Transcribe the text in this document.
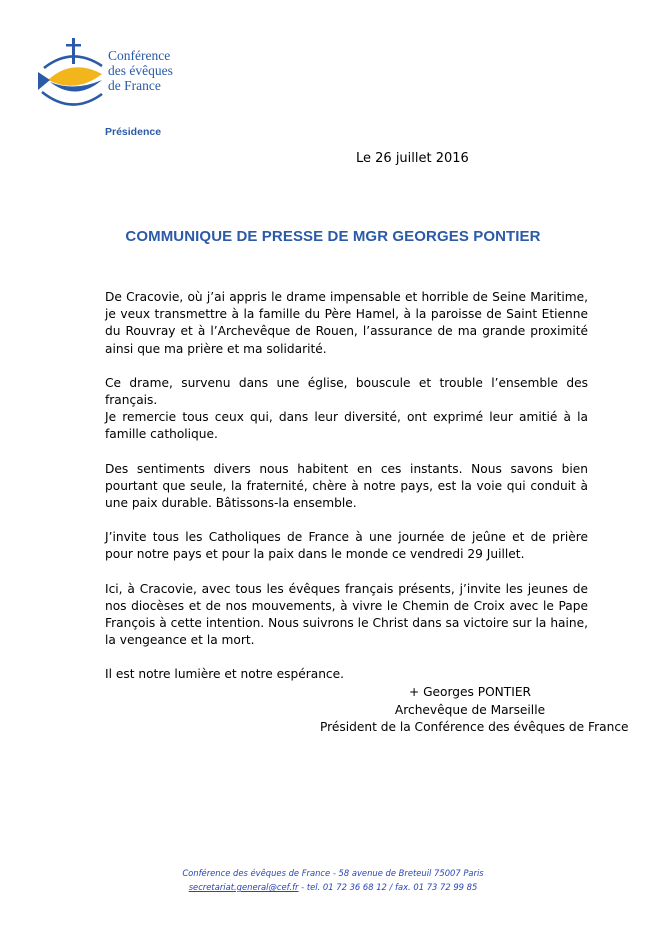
Conférence
des évêques
de France
Présidence
Le 26 juillet 2016
COMMUNIQUE DE PRESSE DE MGR GEORGES PONTIER

De Cracovie, où j’ai appris le drame impensable et horrible de Seine Maritime, je veux transmettre à la famille du Père Hamel, à la paroisse de Saint Etienne du Rouvray et à l’Archevêque de Rouen, l’assurance de ma grande proximité ainsi que ma prière et ma solidarité.

Ce drame, survenu dans une église, bouscule et trouble l’ensemble des français.

Je remercie tous ceux qui, dans leur diversité, ont exprimé leur amitié à la famille catholique.

Des sentiments divers nous habitent en ces instants. Nous savons bien pourtant que seule, la fraternité, chère à notre pays, est la voie qui conduit à une paix durable. Bâtissons-la ensemble.

J’invite tous les Catholiques de France à une journée de jeûne et de prière pour notre pays et pour la paix dans le monde ce vendredi 29 Juillet.

Ici, à Cracovie, avec tous les évêques français présents, j’invite les jeunes de nos diocèses et de nos mouvements, à vivre le Chemin de Croix avec le Pape François à cette intention. Nous suivrons le Christ dans sa victoire sur la haine, la vengeance et la mort.

Il est notre lumière et notre espérance.

+ Georges PONTIER
Archevêque de Marseille
Président de la Conférence des évêques de France
Conférence des évêques de France - 58 avenue de Breteuil 75007 Paris
secretariat.general@cef.fr - tel. 01 72 36 68 12 / fax. 01 73 72 99 85
